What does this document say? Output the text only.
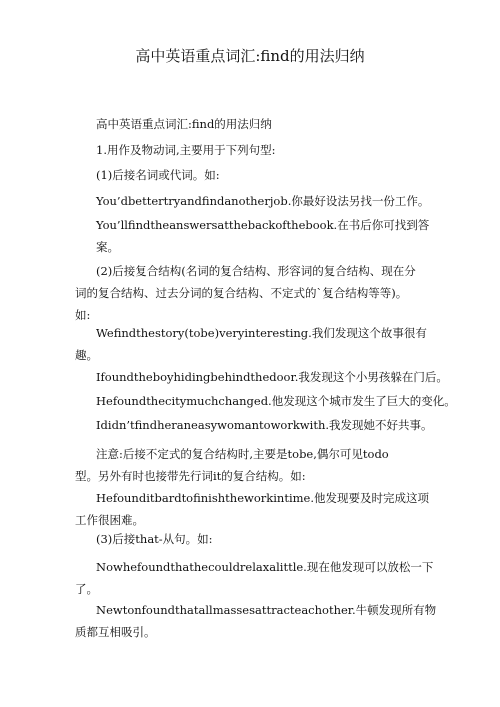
高中英语重点词汇:find的用法归纳
高中英语重点词汇:find的用法归纳
1.用作及物动词,主要用于下列句型:
(1)后接名词或代词。如:
You’dbettertryandfindanotherjob.你最好设法另找一份工作。
You’llfindtheanswersatthebackofthebook.在书后你可找到答
案。
(2)后接复合结构(名词的复合结构、形容词的复合结构、现在分
词的复合结构、过去分词的复合结构、不定式的`复合结构等等)。
如:
Wefindthestory(tobe)veryinteresting.我们发现这个故事很有
趣。
Ifoundtheboyhidingbehindthedoor.我发现这个小男孩躲在门后。
Hefoundthecitymuchchanged.他发现这个城市发生了巨大的变化。
Ididn’tfindheraneasywomantoworkwith.我发现她不好共事。
注意:后接不定式的复合结构时,主要是tobe,偶尔可见todo
型。另外有时也接带先行词it的复合结构。如:
Hefounditbardtofinishtheworkintime.他发现要及时完成这项
工作很困难。
(3)后接that-从句。如:
Nowhefoundthathecouldrelaxalittle.现在他发现可以放松一下
了。
Newtonfoundthatallmassesattracteachother.牛顿发现所有物
质都互相吸引。
